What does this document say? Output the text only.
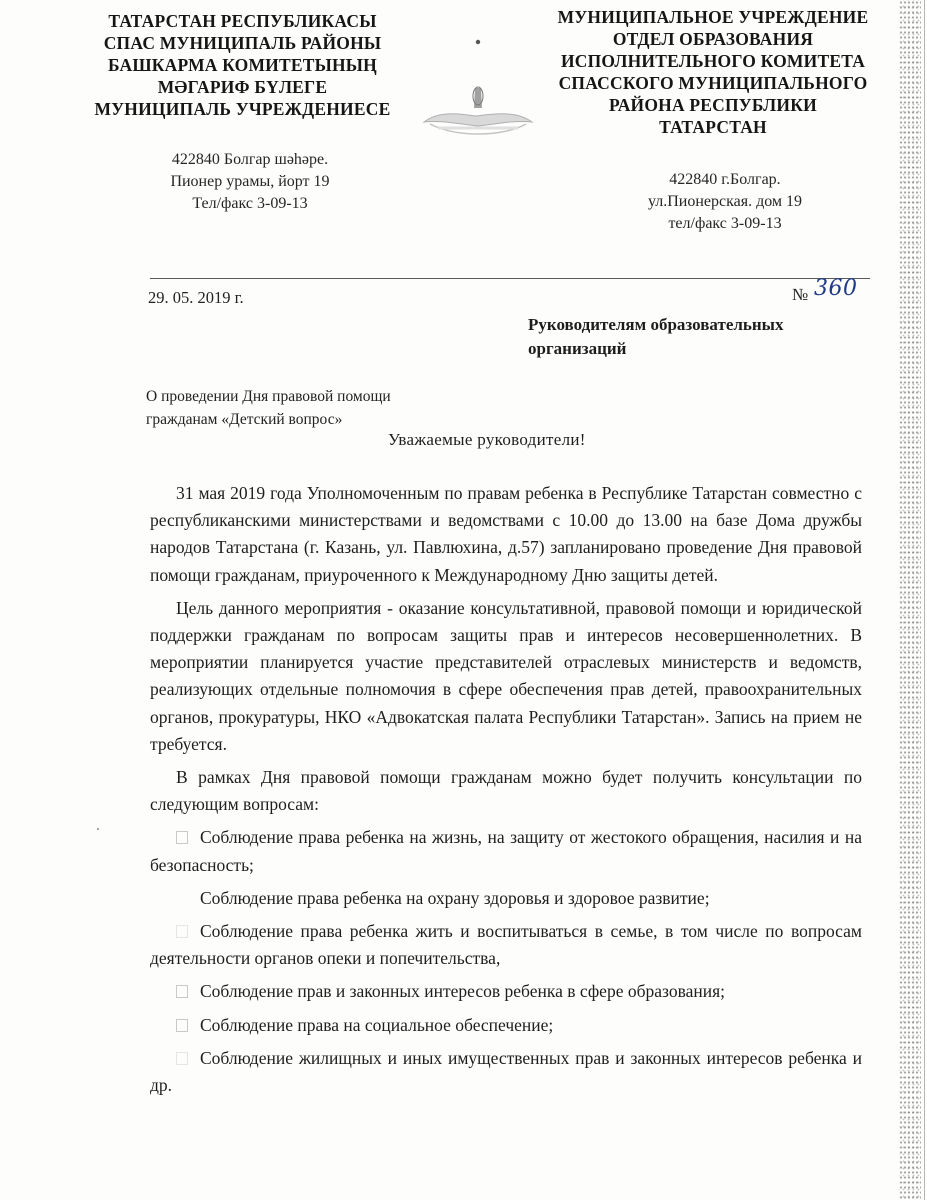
ТАТАРСТАН РЕСПУБЛИКАСЫ
СПАС МУНИЦИПАЛЬ РАЙОНЫ
БАШКАРМА КОМИТЕТЫНЫҢ
МӘГАРИФ БҮЛЕГЕ
МУНИЦИПАЛЬ УЧРЕЖДЕНИЕСЕ
МУНИЦИПАЛЬНОЕ УЧРЕЖДЕНИЕ
ОТДЕЛ ОБРАЗОВАНИЯ
ИСПОЛНИТЕЛЬНОГО КОМИТЕТА
СПАССКОГО МУНИЦИПАЛЬНОГО
РАЙОНА РЕСПУБЛИКИ
ТАТАРСТАН
422840 Болгар шәһәре.
Пионер урамы, йорт 19
Тел/факс 3-09-13
422840 г.Болгар.
ул.Пионерская. дом 19
тел/факс 3-09-13
29. 05. 2019 г.	№ 360
Руководителям образовательных
организаций
О проведении Дня правовой помощи
гражданам «Детский вопрос»
Уважаемые руководители!

31 мая 2019 года Уполномоченным по правам ребенка в Республике Татарстан совместно с республиканскими министерствами и ведомствами с 10.00 до 13.00 на базе Дома дружбы народов Татарстана (г. Казань, ул. Павлюхина, д.57) запланировано проведение Дня правовой помощи гражданам, приуроченного к Международному Дню защиты детей.

Цель данного мероприятия - оказание консультативной, правовой помощи и юридической поддержки гражданам по вопросам защиты прав и интересов несовершеннолетних. В мероприятии планируется участие представителей отраслевых министерств и ведомств, реализующих отдельные полномочия в сфере обеспечения прав детей, правоохранительных органов, прокуратуры, НКО «Адвокатская палата Республики Татарстан». Запись на прием не требуется.

В рамках Дня правовой помощи гражданам можно будет получить консультации по следующим вопросам:

Соблюдение права ребенка на жизнь, на защиту от жестокого обращения, насилия и на безопасность;
Соблюдение права ребенка на охрану здоровья и здоровое развитие;
Соблюдение права ребенка жить и воспитываться в семье, в том числе по вопросам деятельности органов опеки и попечительства,
Соблюдение прав и законных интересов ребенка в сфере образования;
Соблюдение права на социальное обеспечение;
Соблюдение жилищных и иных имущественных прав и законных интересов ребенка и др.
